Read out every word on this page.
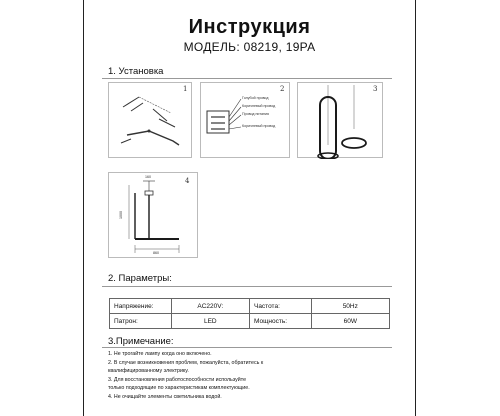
Инструкция
МОДЕЛЬ: 08219, 19PA
1. Установка
1	2
Голубой провод
Коричневый провод
Провод питания
Коричневый провод
3
4
160
1000
860
2. Параметры:
Напряжение:	AC220V:	Частота:	50Hz
Патрон:	LED	Мощность:	60W
3.Примечание:
1. Не трогайте лампу когда оно включено.
2. В случае возникновения проблем, пожалуйста, обратитесь к
квалифицированному электрику.
3. Для восстановления работоспособности используйте
только подходящие по характеристикам комплектующие.
4. Не очищайте элементы светильника водой.
